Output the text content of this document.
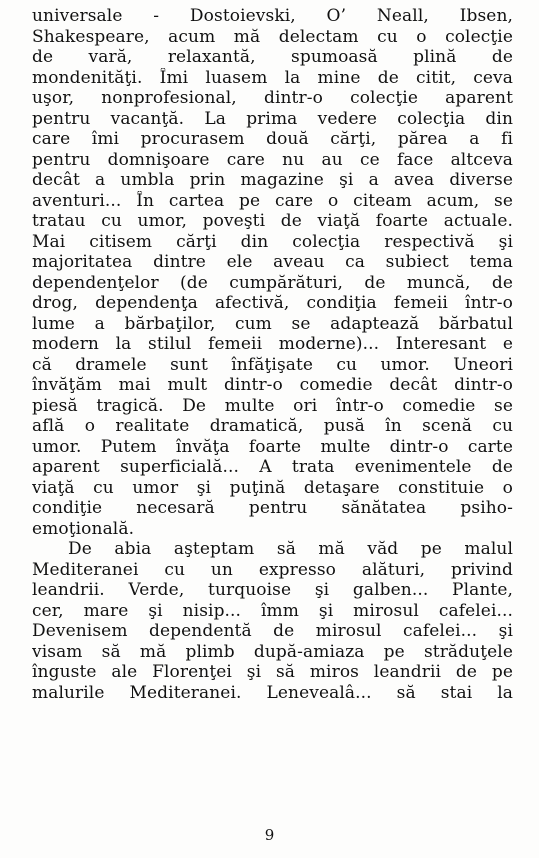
universale - Dostoievski, O’ Neall, Ibsen,
Shakespeare, acum mă delectam cu o colecţie
de vară, relaxantă, spumoasă plină de
mondenităţi. Îmi luasem la mine de citit, ceva
uşor, nonprofesional, dintr-o colecţie aparent
pentru vacanţă. La prima vedere colecţia din
care îmi procurasem două cărţi, părea a fi
pentru domnişoare care nu au ce face altceva
decât a umbla prin magazine şi a avea diverse
aventuri... În cartea pe care o citeam acum, se
tratau cu umor, poveşti de viaţă foarte actuale.
Mai citisem cărţi din colecţia respectivă şi
majoritatea dintre ele aveau ca subiect tema
dependenţelor (de cumpărături, de muncă, de
drog, dependenţa afectivă, condiţia femeii într-o
lume a bărbaţilor, cum se adaptează bărbatul
modern la stilul femeii moderne)... Interesant e
că dramele sunt înfăţişate cu umor. Uneori
învăţăm mai mult dintr-o comedie decât dintr-o
piesă tragică. De multe ori într-o comedie se
află o realitate dramatică, pusă în scenă cu
umor. Putem învăţa foarte multe dintr-o carte
aparent superficială... A trata evenimentele de
viaţă cu umor şi puţină detaşare constituie o
condiţie necesară pentru sănătatea psiho-
emoţională.
De abia aşteptam să mă văd pe malul
Mediteranei cu un expresso alături, privind
leandrii. Verde, turquoise şi galben... Plante,
cer, mare şi nisip... îmm şi mirosul cafelei...
Devenisem dependentă de mirosul cafelei... şi
visam să mă plimb după-amiaza pe străduţele
înguste ale Florenţei şi să miros leandrii de pe
malurile Mediteranei. Lenevealâ... să stai la
9
